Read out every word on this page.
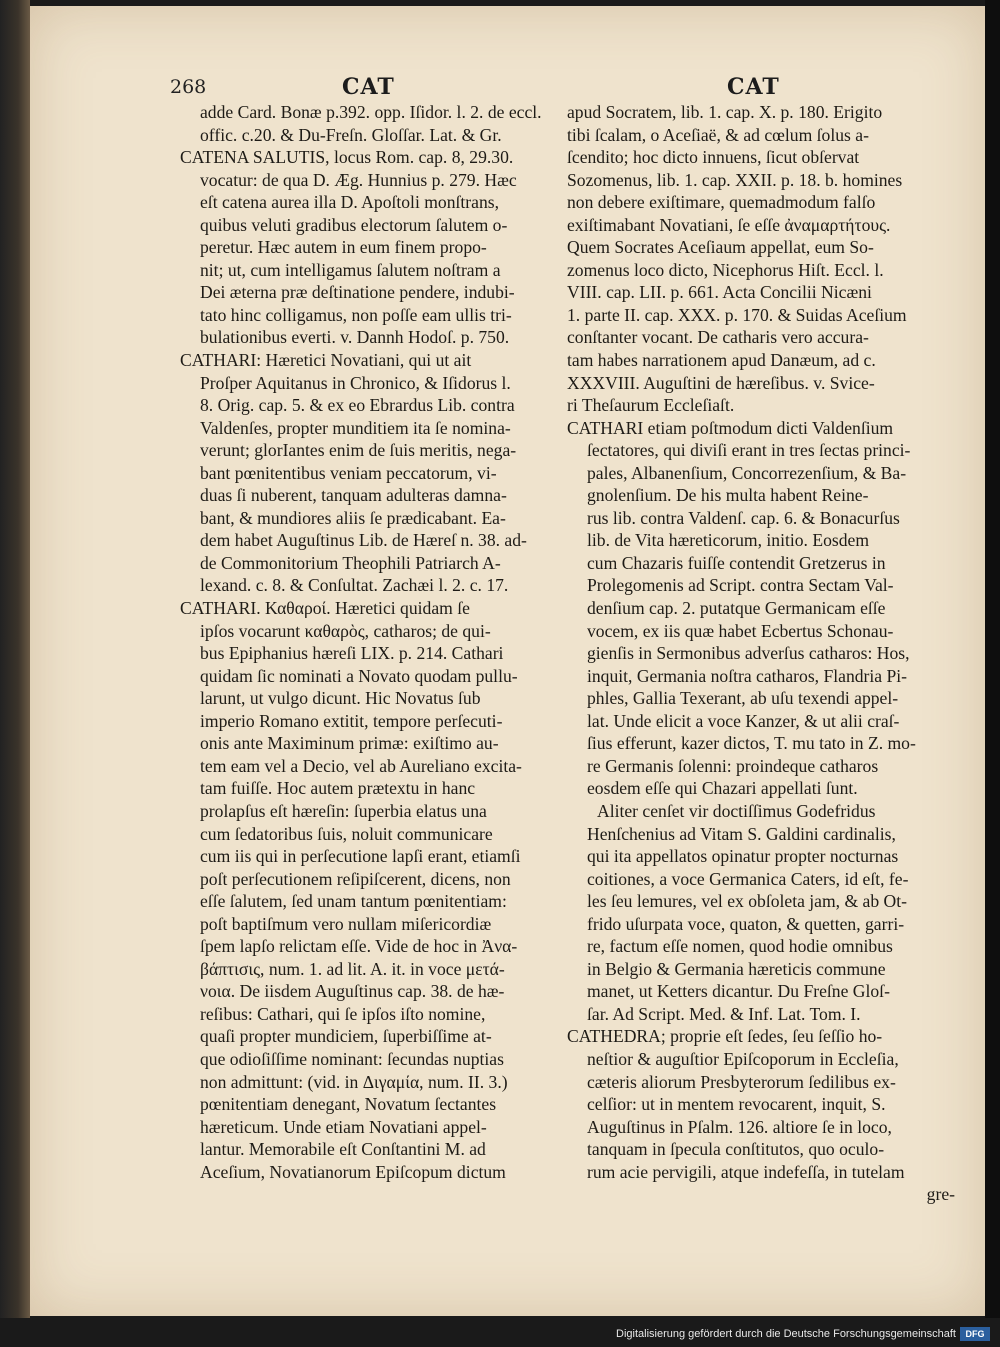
268	CAT	CAT
adde Card. Bonæ p.392. opp. Iſidor. l. 2. de eccl.
offic. c.20. & Du-Freſn. Gloſſar. Lat. & Gr.
CATENA SALUTIS, locus Rom. cap. 8, 29.30.
vocatur: de qua D. Æg. Hunnius p. 279. Hæc
eſt catena aurea illa D. Apoſtoli monſtrans,
quibus veluti gradibus electorum ſalutem o-
peretur. Hæc autem in eum finem propo-
nit; ut, cum intelligamus ſalutem noſtram a
Dei æterna præ deſtinatione pendere, indubi-
tato hinc colligamus, non poſſe eam ullis tri-
bulationibus everti. v. Dannh Hodoſ. p. 750.
CATHARI: Hæretici Novatiani, qui ut ait
Proſper Aquitanus in Chronico, & Iſidorus l.
8. Orig. cap. 5. & ex eo Ebrardus Lib. contra
Valdenſes, propter munditiem ita ſe nomina-
verunt; glorIantes enim de ſuis meritis, nega-
bant pœnitentibus veniam peccatorum, vi-
duas ſi nuberent, tanquam adulteras damna-
bant, & mundiores aliis ſe prædicabant. Ea-
dem habet Auguſtinus Lib. de Hæreſ n. 38. ad-
de Commonitorium Theophili Patriarch A-
lexand. c. 8. & Conſultat. Zachæi l. 2. c. 17.
CATHARI. Καθαροί. Hæretici quidam ſe
ipſos vocarunt καθαρὸς, catharos; de qui-
bus Epiphanius hæreſi LIX. p. 214. Cathari
quidam ſic nominati a Novato quodam pullu-
larunt, ut vulgo dicunt. Hic Novatus ſub
imperio Romano extitit, tempore perſecuti-
onis ante Maximinum primæ: exiſtimo au-
tem eam vel a Decio, vel ab Aureliano excita-
tam fuiſſe. Hoc autem prætextu in hanc
prolapſus eſt hæreſin: ſuperbia elatus una
cum ſedatoribus ſuis, noluit communicare
cum iis qui in perſecutione lapſi erant, etiamſi
poſt perſecutionem reſipiſcerent, dicens, non
eſſe ſalutem, ſed unam tantum pœnitentiam:
poſt baptiſmum vero nullam miſericordiæ
ſpem lapſo relictam eſſe. Vide de hoc in Ἀνα-
βάπτισις, num. 1. ad lit. A. it. in voce μετά-
νοια. De iisdem Auguſtinus cap. 38. de hæ-
reſibus: Cathari, qui ſe ipſos iſto nomine,
quaſi propter mundiciem, ſuperbiſſime at-
que odioſiſſime nominant: ſecundas nuptias
non admittunt: (vid. in Διγαμία, num. II. 3.)
pœnitentiam denegant, Novatum ſectantes
hæreticum. Unde etiam Novatiani appel-
lantur. Memorabile eſt Conſtantini M. ad
Aceſium, Novatianorum Epiſcopum dictum
apud Socratem, lib. 1. cap. X. p. 180. Erigito
tibi ſcalam, o Aceſiaë, & ad cœlum ſolus a-
ſcendito; hoc dicto innuens, ſicut obſervat
Sozomenus, lib. 1. cap. XXII. p. 18. b. homines
non debere exiſtimare, quemadmodum falſo
exiſtimabant Novatiani, ſe eſſe ἀναμαρτήτους.
Quem Socrates Aceſiaum appellat, eum So-
zomenus loco dicto, Nicephorus Hiſt. Eccl. l.
VIII. cap. LII. p. 661. Acta Concilii Nicæni
1. parte II. cap. XXX. p. 170. & Suidas Aceſium
conſtanter vocant. De catharis vero accura-
tam habes narrationem apud Danæum, ad c.
XXXVIII. Auguſtini de hæreſibus. v. Svice-
ri Theſaurum Eccleſiaſt.
CATHARI etiam poſtmodum dicti Valdenſium
ſectatores, qui diviſi erant in tres ſectas princi-
pales, Albanenſium, Concorrezenſium, & Ba-
gnolenſium. De his multa habent Reine-
rus lib. contra Valdenſ. cap. 6. & Bonacurſus
lib. de Vita hæreticorum, initio. Eosdem
cum Chazaris fuiſſe contendit Gretzerus in
Prolegomenis ad Script. contra Sectam Val-
denſium cap. 2. putatque Germanicam eſſe
vocem, ex iis quæ habet Ecbertus Schonau-
gienſis in Sermonibus adverſus catharos: Hos,
inquit, Germania noſtra catharos, Flandria Pi-
phles, Gallia Texerant, ab uſu texendi appel-
lat. Unde elicit a voce Kanzer, & ut alii craſ-
ſius efferunt, kazer dictos, T. mu tato in Z. mo-
re Germanis ſolenni: proindeque catharos
eosdem eſſe qui Chazari appellati ſunt.
Aliter cenſet vir doctiſſimus Godefridus
Henſchenius ad Vitam S. Galdini cardinalis,
qui ita appellatos opinatur propter nocturnas
coitiones, a voce Germanica Caters, id eſt, fe-
les ſeu lemures, vel ex obſoleta jam, & ab Ot-
frido uſurpata voce, quaton, & quetten, garri-
re, factum eſſe nomen, quod hodie omnibus
in Belgio & Germania hæreticis commune
manet, ut Ketters dicantur. Du Freſne Gloſ-
ſar. Ad Script. Med. & Inf. Lat. Tom. I.
CATHEDRA; proprie eſt ſedes, ſeu ſeſſio ho-
neſtior & auguſtior Epiſcoporum in Eccleſia,
cæteris aliorum Presbyterorum ſedilibus ex-
celſior: ut in mentem revocarent, inquit, S.
Auguſtinus in Pſalm. 126. altiore ſe in loco,
tanquam in ſpecula conſtitutos, quo oculo-
rum acie pervigili, atque indefeſſa, in tutelam
gre-
Digitalisierung gefördert durch die Deutsche Forschungsgemeinschaft	DFG
